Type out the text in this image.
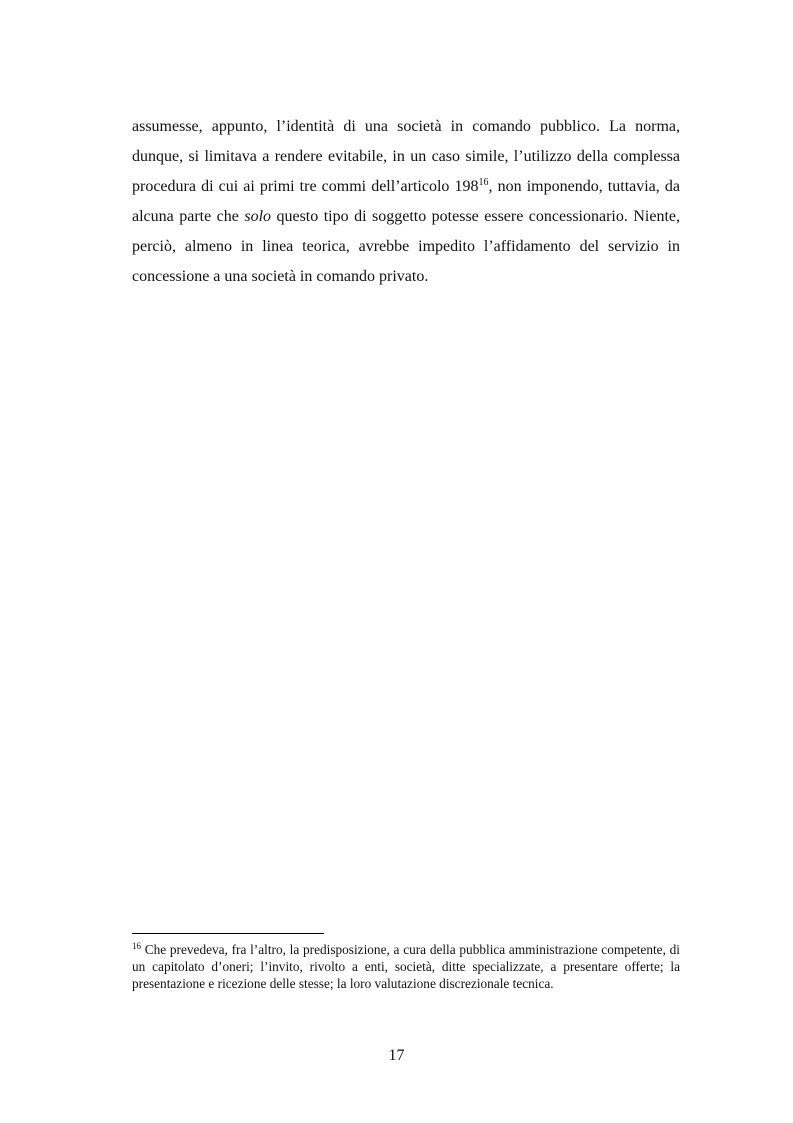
assumesse, appunto, l’identità di una società in comando pubblico. La norma, dunque, si limitava a rendere evitabile, in un caso simile, l’utilizzo della complessa procedura di cui ai primi tre commi dell’articolo $198^{16}$, non imponendo, tuttavia, da alcuna parte che solo questo tipo di soggetto potesse essere concessionario. Niente, perciò, almeno in linea teorica, avrebbe impedito l’affidamento del servizio in concessione a una società in comando privato.

$^{16}$ Che prevedeva, fra l’altro, la predisposizione, a cura della pubblica amministrazione competente, di un capitolato d’oneri; l’invito, rivolto a enti, società, ditte specializzate, a presentare offerte; la presentazione e ricezione delle stesse; la loro valutazione discrezionale tecnica.

17
